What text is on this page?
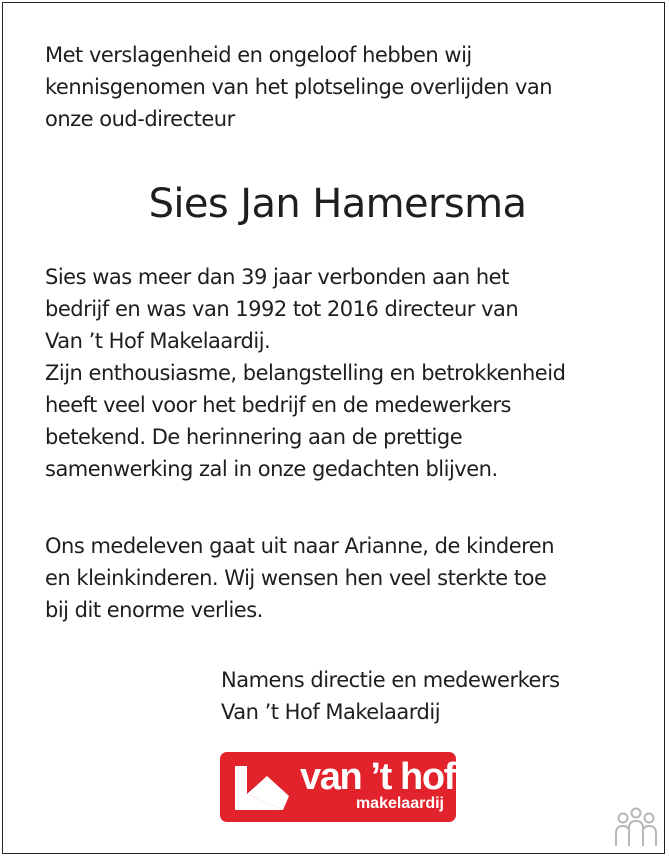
Met verslagenheid en ongeloof hebben wij
kennisgenomen van het plotselinge overlijden van
onze oud-directeur

Sies Jan Hamersma

Sies was meer dan 39 jaar verbonden aan het
bedrijf en was van 1992 tot 2016 directeur van
Van ’t Hof Makelaardij.
Zijn enthousiasme, belangstelling en betrokkenheid
heeft veel voor het bedrijf en de medewerkers
betekend. De herinnering aan de prettige
samenwerking zal in onze gedachten blijven.

Ons medeleven gaat uit naar Arianne, de kinderen
en kleinkinderen. Wij wensen hen veel sterkte toe
bij dit enorme verlies.

Namens directie en medewerkers
Van ’t Hof Makelaardij
van ’t hof
makelaardij
